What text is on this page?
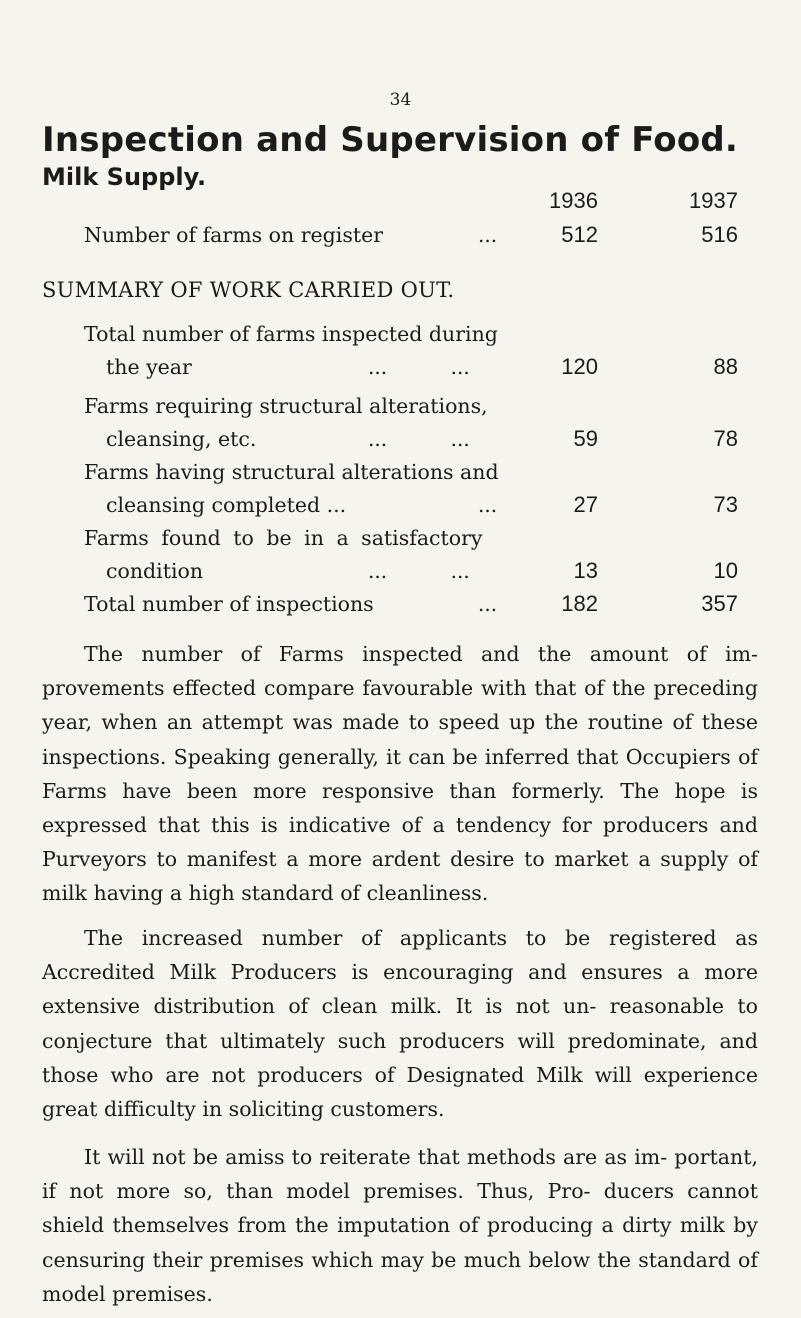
34
Inspection and Supervision of Food.
Milk Supply.
1936	1937
Number of farms on register	...	512	516
SUMMARY OF WORK CARRIED OUT.
Total number of farms inspected during
the year	...          ...	120	88
Farms requiring structural alterations,
cleansing, etc.	...          ...	59	78
Farms having structural alterations and
cleansing completed ...	...	27	73
Farms found to be in a satisfactory
condition	...          ...	13	10
Total number of inspections	...	182	357

The number of Farms inspected and the amount of im- provements effected compare favourable with that of the preceding year, when an attempt was made to speed up the routine of these inspections. Speaking generally, it can be inferred that Occupiers of Farms have been more responsive than formerly. The hope is expressed that this is indicative of a tendency for producers and Purveyors to manifest a more ardent desire to market a supply of milk having a high standard of cleanliness.

The increased number of applicants to be registered as Accredited Milk Producers is encouraging and ensures a more extensive distribution of clean milk. It is not un- reasonable to conjecture that ultimately such producers will predominate, and those who are not producers of Designated Milk will experience great difficulty in soliciting customers.

It will not be amiss to reiterate that methods are as im- portant, if not more so, than model premises. Thus, Pro- ducers cannot shield themselves from the imputation of producing a dirty milk by censuring their premises which may be much below the standard of model premises.
